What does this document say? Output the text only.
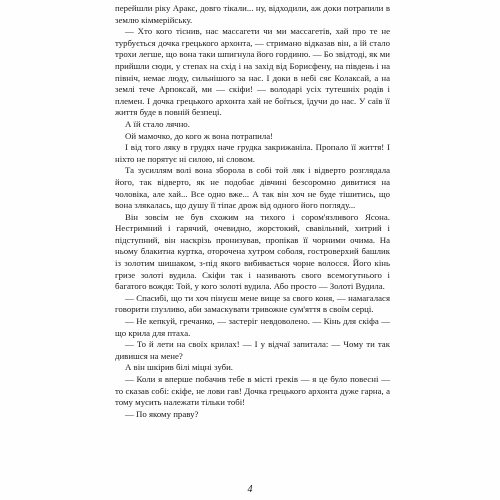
перейшли ріку Аракс, довго тікали... ну, відходили, аж доки потрапили в землю кіммерійську.

— Хто кого тіснив, нас массагети чи ми массагетів, хай про те не турбується дочка грецького архонта, — стримано відказав він, а їй стало трохи легше, що вона таки шпигнула його гординю. — Бо звідтоді, як ми прийшли сюди, у степах на схід і на захід від Борисфену, на південь і на північ, немає люду, сильнішого за нас. І доки в небі сяє Колаксай, а на землі тече Арпоксай, ми — скіфи! — володарі усіх тутешніх родів і племен. І дочка грецького архонта хай не боїться, їдучи до нас. У саїв її життя буде в повній безпеці.

А їй стало лячно.

Ой мамочко, до кого ж вона потрапила!

І від того ляку в грудях наче грудка закрижаніла. Пропало її життя! І ніхто не порятує ні силою, ні словом.

Та зусиллям волі вона зборола в собі той ляк і відверто розглядала його, так відверто, як не подобає дівчині безсоромно дивитися на чоловіка, але хай... Все одно вже... А так він хоч не буде тішитись, що вона злякалась, що душу її тіпає дрож від одного його погляду...

Він зовсім не був схожим на тихого і сором'язливого Ясона. Нестримний і гарячий, очевидно, жорстокий, свавільний, хитрий і підступний, він наскрізь пронизував, пропікав її чорними очима. На ньому блакитна куртка, оторочена хутром соболя, гостроверхий башлик із золотим шишаком, з-під якого вибивається чорне волосся. Його кінь гризе золоті вудила. Скіфи так і називають свого всемогутнього і багатого вождя: Той, у кого золоті вудила. Або просто — Золоті Вудила.

— Спасибі, що ти хоч пінуєш мене вище за свого коня, — намагалася говорити глузливо, аби замаскувати тривожне сум'яття в своїм серці.

— Не кепкуй, гречанко, — застеріг невдоволено. — Кінь для скіфа — що крила для птаха.

— То й лети на своїх крилах! — І у відчаї запитала: — Чому ти так дивишся на мене?

А він шкірив білі міцні зуби.

— Коли я вперше побачив тебе в місті греків — я це було повесні — то сказав собі: скіфе, не лови гав! Дочка грецького архонта дуже гарна, а тому мусить належати тільки тобі!

— По якому праву?

4
